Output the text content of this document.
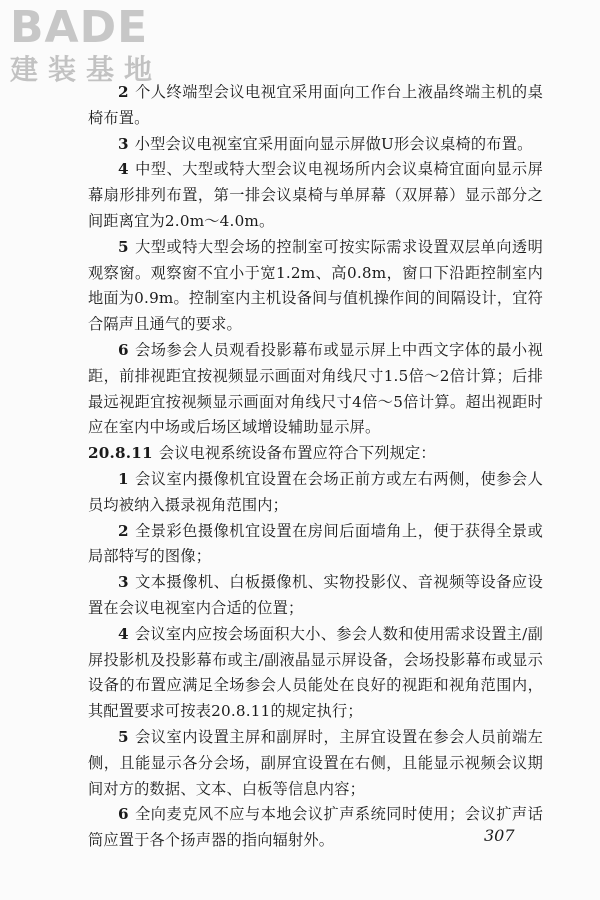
BADE
建装基地

2 个人终端型会议电视宜采用面向工作台上液晶终端主机的桌椅布置。

3 小型会议电视室宜采用面向显示屏做U形会议桌椅的布置。

4 中型、大型或特大型会议电视场所内会议桌椅宜面向显示屏幕扇形排列布置，第一排会议桌椅与单屏幕（双屏幕）显示部分之间距离宜为2.0m～4.0m。

5 大型或特大型会场的控制室可按实际需求设置双层单向透明观察窗。观察窗不宜小于宽1.2m、高0.8m，窗口下沿距控制室内地面为0.9m。控制室内主机设备间与值机操作间的间隔设计，宜符合隔声且通气的要求。

6 会场参会人员观看投影幕布或显示屏上中西文字体的最小视距，前排视距宜按视频显示画面对角线尺寸1.5倍～2倍计算；后排最远视距宜按视频显示画面对角线尺寸4倍～5倍计算。超出视距时应在室内中场或后场区域增设辅助显示屏。

20.8.11 会议电视系统设备布置应符合下列规定：

1 会议室内摄像机宜设置在会场正前方或左右两侧，使参会人员均被纳入摄录视角范围内；

2 全景彩色摄像机宜设置在房间后面墙角上，便于获得全景或局部特写的图像；

3 文本摄像机、白板摄像机、实物投影仪、音视频等设备应设置在会议电视室内合适的位置；

4 会议室内应按会场面积大小、参会人数和使用需求设置主/副屏投影机及投影幕布或主/副液晶显示屏设备，会场投影幕布或显示设备的布置应满足全场参会人员能处在良好的视距和视角范围内，其配置要求可按表20.8.11的规定执行；

5 会议室内设置主屏和副屏时，主屏宜设置在参会人员前端左侧，且能显示各分会场，副屏宜设置在右侧，且能显示视频会议期间对方的数据、文本、白板等信息内容；

6 全向麦克风不应与本地会议扩声系统同时使用；会议扩声话筒应置于各个扬声器的指向辐射外。	307
